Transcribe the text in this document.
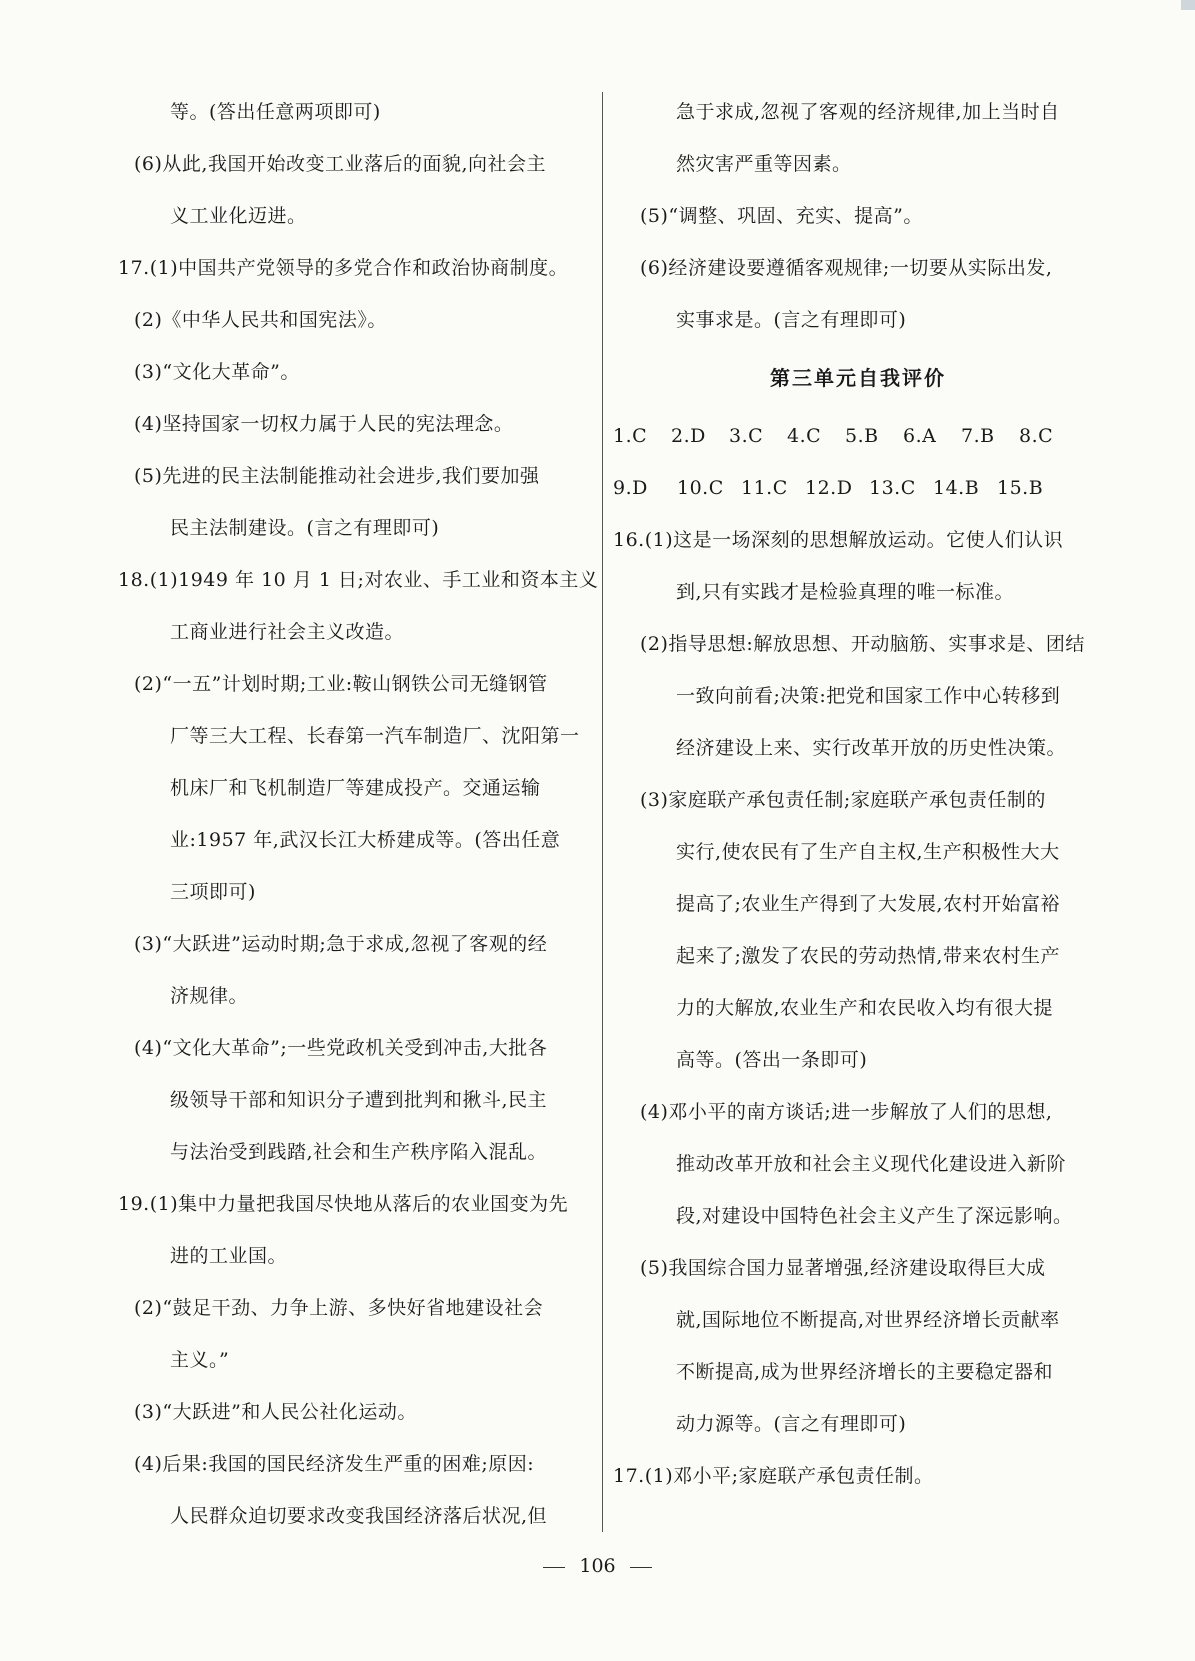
等。(答出任意两项即可)
(6)从此,我国开始改变工业落后的面貌,向社会主
义工业化迈进。
17.(1)中国共产党领导的多党合作和政治协商制度。
(2)《中华人民共和国宪法》。
(3)“文化大革命”。
(4)坚持国家一切权力属于人民的宪法理念。
(5)先进的民主法制能推动社会进步,我们要加强
民主法制建设。(言之有理即可)
18.(1)1949 年 10 月 1 日;对农业、手工业和资本主义
工商业进行社会主义改造。
(2)“一五”计划时期;工业:鞍山钢铁公司无缝钢管
厂等三大工程、长春第一汽车制造厂、沈阳第一
机床厂和飞机制造厂等建成投产。交通运输
业:1957 年,武汉长江大桥建成等。(答出任意
三项即可)
(3)“大跃进”运动时期;急于求成,忽视了客观的经
济规律。
(4)“文化大革命”;一些党政机关受到冲击,大批各
级领导干部和知识分子遭到批判和揪斗,民主
与法治受到践踏,社会和生产秩序陷入混乱。
19.(1)集中力量把我国尽快地从落后的农业国变为先
进的工业国。
(2)“鼓足干劲、力争上游、多快好省地建设社会
主义。”
(3)“大跃进”和人民公社化运动。
(4)后果:我国的国民经济发生严重的困难;原因:
人民群众迫切要求改变我国经济落后状况,但
急于求成,忽视了客观的经济规律,加上当时自
然灾害严重等因素。
(5)“调整、巩固、充实、提高”。
(6)经济建设要遵循客观规律;一切要从实际出发,
实事求是。(言之有理即可)
第三单元自我评价
1.C	2.D	3.C	4.C	5.B	6.A	7.B	8.C
9.D	10.C 11.C 12.D 13.C 14.B 15.B
16.(1)这是一场深刻的思想解放运动。它使人们认识
到,只有实践才是检验真理的唯一标准。
(2)指导思想:解放思想、开动脑筋、实事求是、团结
一致向前看;决策:把党和国家工作中心转移到
经济建设上来、实行改革开放的历史性决策。
(3)家庭联产承包责任制;家庭联产承包责任制的
实行,使农民有了生产自主权,生产积极性大大
提高了;农业生产得到了大发展,农村开始富裕
起来了;激发了农民的劳动热情,带来农村生产
力的大解放,农业生产和农民收入均有很大提
高等。(答出一条即可)
(4)邓小平的南方谈话;进一步解放了人们的思想,
推动改革开放和社会主义现代化建设进入新阶
段,对建设中国特色社会主义产生了深远影响。
(5)我国综合国力显著增强,经济建设取得巨大成
就,国际地位不断提高,对世界经济增长贡献率
不断提高,成为世界经济增长的主要稳定器和
动力源等。(言之有理即可)
17.(1)邓小平;家庭联产承包责任制。
106
